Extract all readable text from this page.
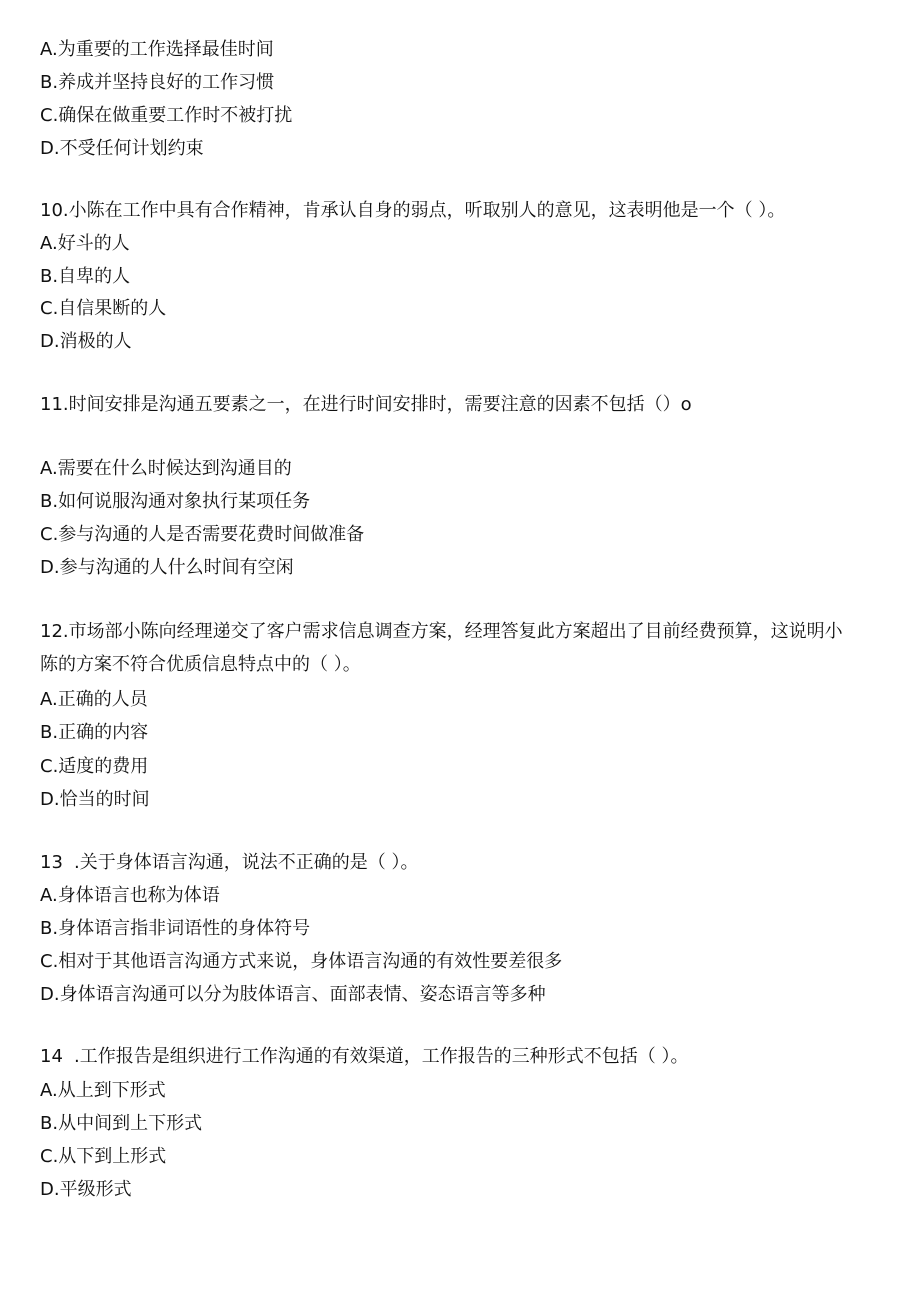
A.为重要的工作选择最佳时间
B.养成并坚持良好的工作习惯
C.确保在做重要工作时不被打扰
D.不受任何计划约束
10.小陈在工作中具有合作精神，肯承认自身的弱点，听取别人的意见，这表明他是一个（ ）。
A.好斗的人
B.自卑的人
C.自信果断的人
D.消极的人
11.时间安排是沟通五要素之一，在进行时间安排时，需要注意的因素不包括（）o
A.需要在什么时候达到沟通目的
B.如何说服沟通对象执行某项任务
C.参与沟通的人是否需要花费时间做准备
D.参与沟通的人什么时间有空闲
12.市场部小陈向经理递交了客户需求信息调查方案，经理答复此方案超出了目前经费预算，这说明小
陈的方案不符合优质信息特点中的（ ）。
A.正确的人员
B.正确的内容
C.适度的费用
D.恰当的时间
13 .关于身体语言沟通，说法不正确的是（ ）。
A.身体语言也称为体语
B.身体语言指非词语性的身体符号
C.相对于其他语言沟通方式来说，身体语言沟通的有效性要差很多
D.身体语言沟通可以分为肢体语言、面部表情、姿态语言等多种
14 .工作报告是组织进行工作沟通的有效渠道，工作报告的三种形式不包括（ ）。
A.从上到下形式
B.从中间到上下形式
C.从下到上形式
D.平级形式
